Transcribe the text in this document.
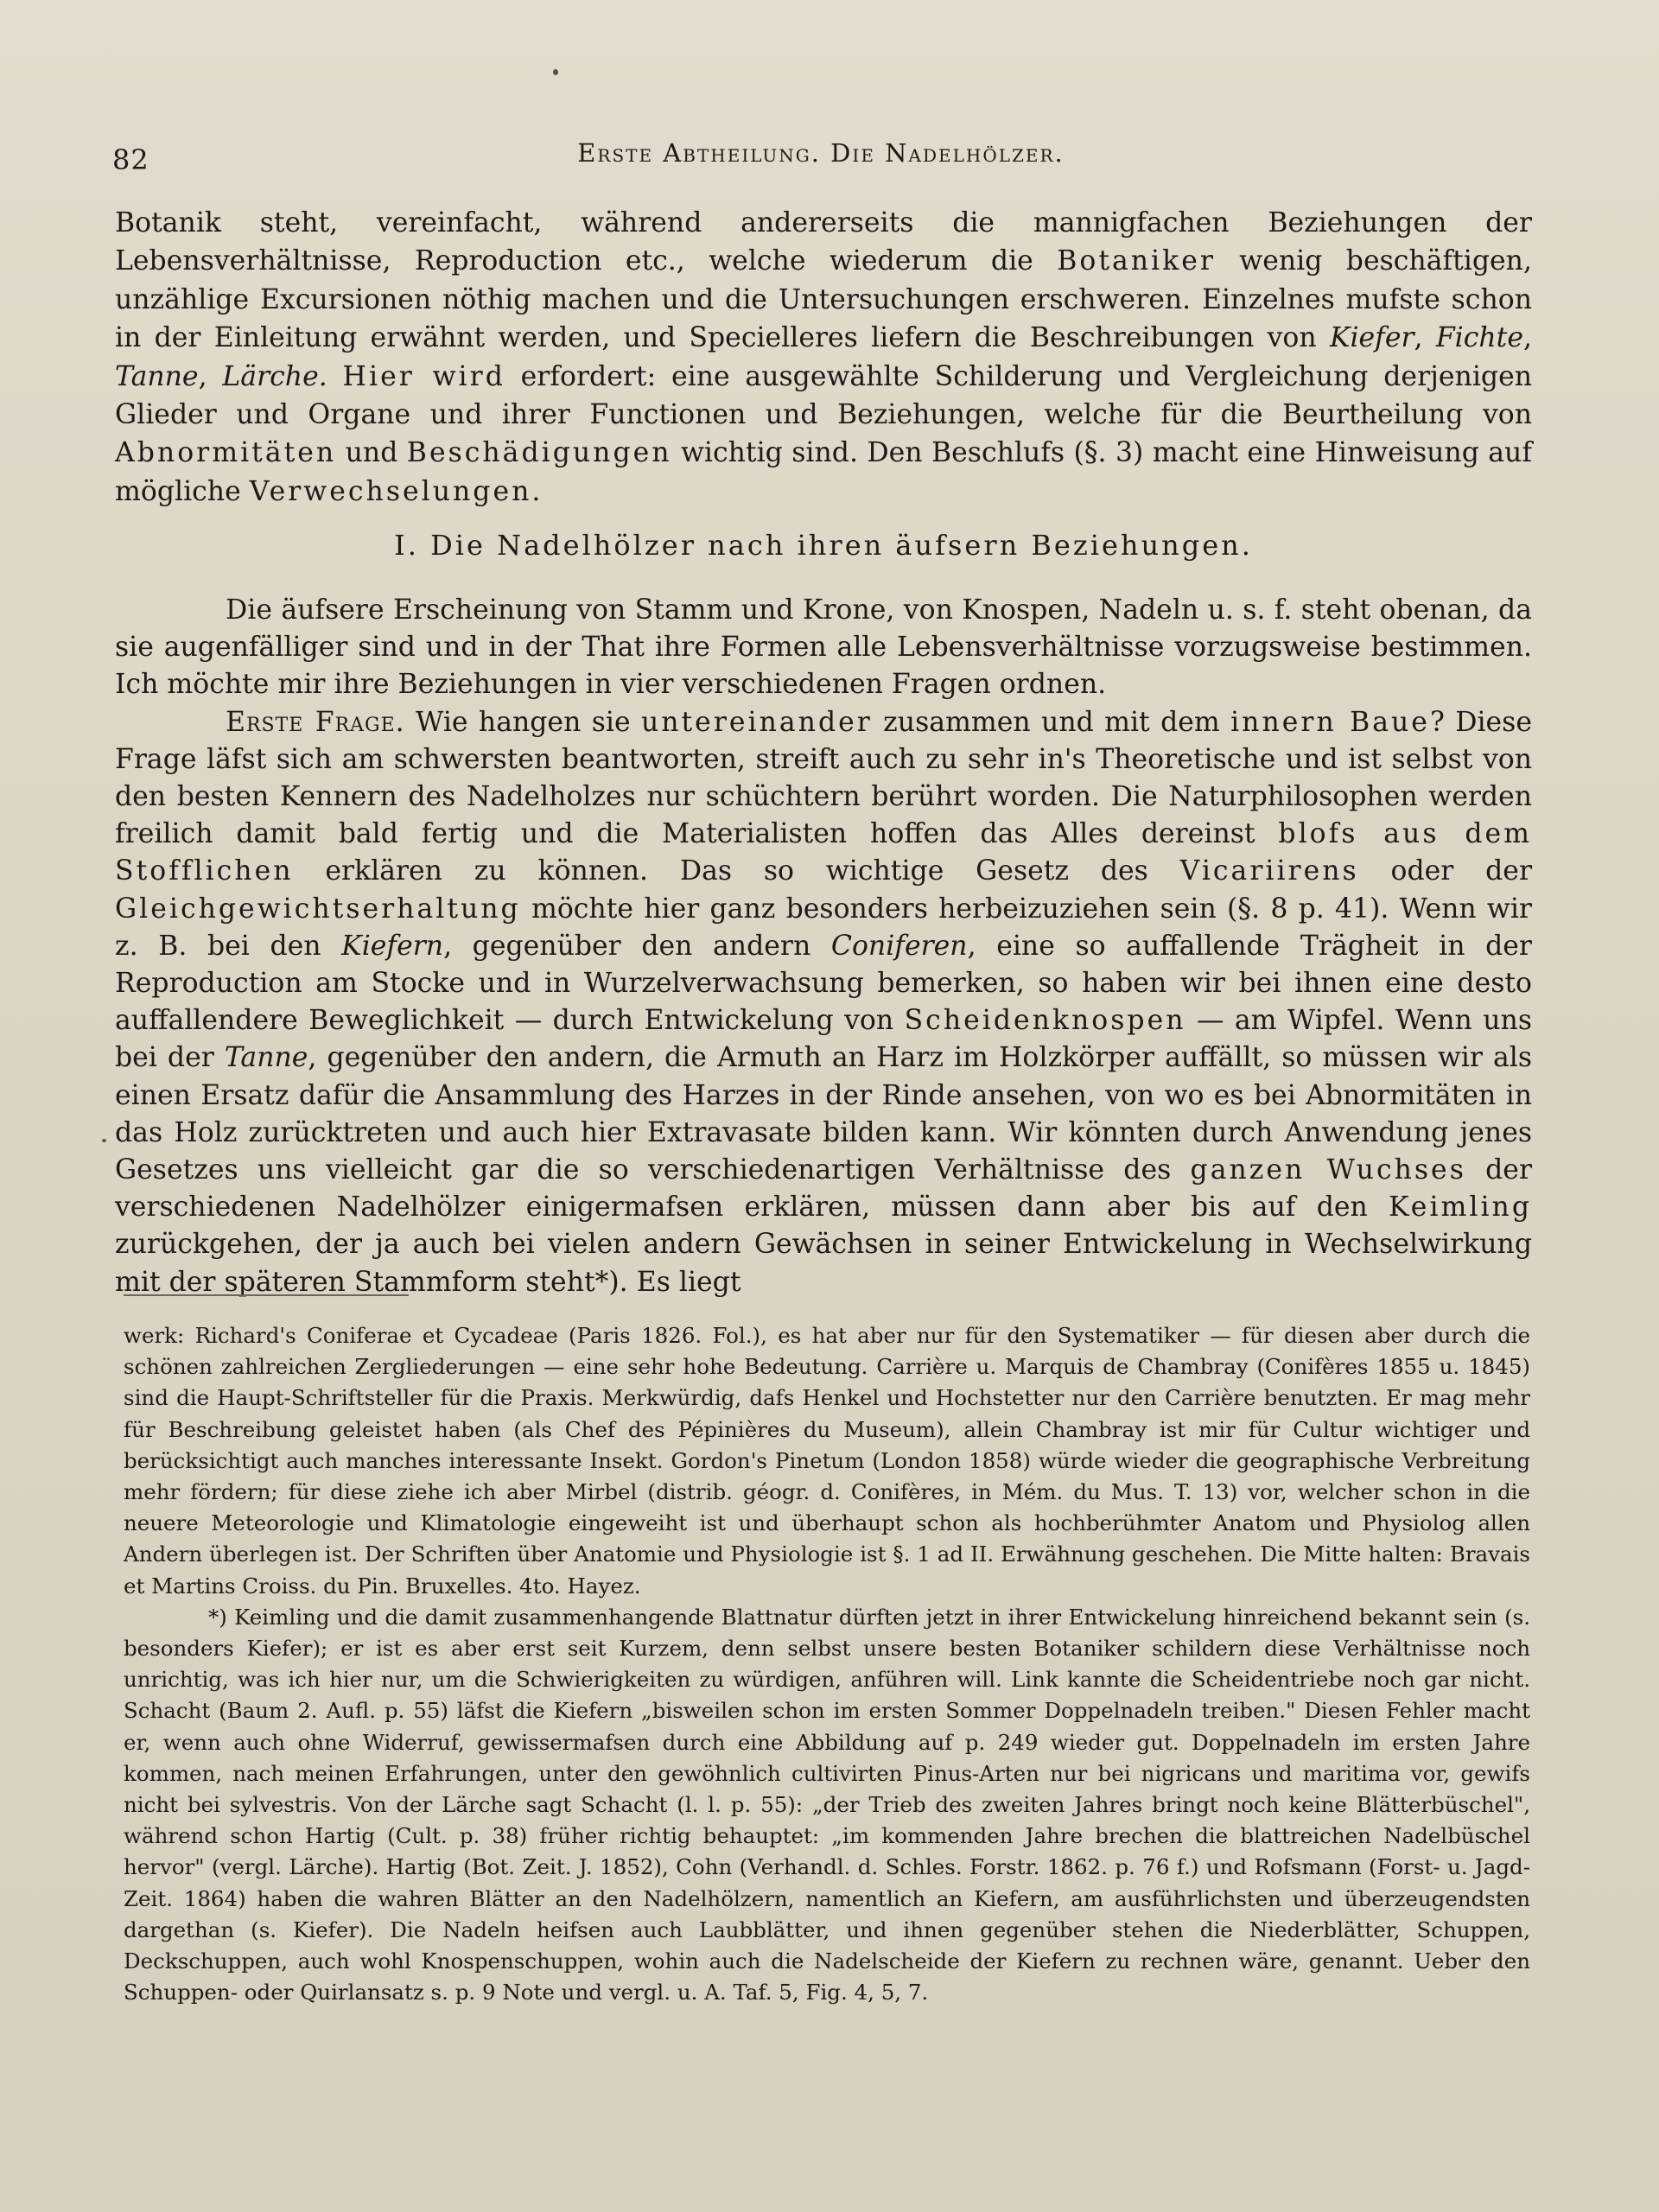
82	Erste Abtheilung. Die Nadelhölzer.

Botanik steht, vereinfacht, während andererseits die mannigfachen Beziehungen der Lebensverhältnisse, Reproduction etc., welche wiederum die Botaniker wenig beschäftigen, unzählige Excursionen nöthig machen und die Untersuchungen erschweren. Einzelnes mufste schon in der Einleitung erwähnt werden, und Specielleres liefern die Beschreibungen von Kiefer, Fichte, Tanne, Lärche. Hier wird erfordert: eine ausgewählte Schilderung und Vergleichung derjenigen Glieder und Organe und ihrer Functionen und Beziehungen, welche für die Beurtheilung von Abnormitäten und Beschädigungen wichtig sind. Den Beschlufs (§. 3) macht eine Hinweisung auf mögliche Verwechselungen.

I. Die Nadelhölzer nach ihren äufsern Beziehungen.

Die äufsere Erscheinung von Stamm und Krone, von Knospen, Nadeln u. s. f. steht obenan, da sie augenfälliger sind und in der That ihre Formen alle Lebensverhältnisse vorzugsweise bestimmen. Ich möchte mir ihre Beziehungen in vier verschiedenen Fragen ordnen.

Erste Frage. Wie hangen sie untereinander zusammen und mit dem innern Baue? Diese Frage läfst sich am schwersten beantworten, streift auch zu sehr in's Theoretische und ist selbst von den besten Kennern des Nadelholzes nur schüchtern berührt worden. Die Naturphilosophen werden freilich damit bald fertig und die Materialisten hoffen das Alles dereinst blofs aus dem Stofflichen erklären zu können. Das so wichtige Gesetz des Vicariirens oder der Gleichgewichtserhaltung möchte hier ganz besonders herbeizuziehen sein (§. 8 p. 41). Wenn wir z. B. bei den Kiefern, gegenüber den andern Coniferen, eine so auffallende Trägheit in der Reproduction am Stocke und in Wurzelverwachsung bemerken, so haben wir bei ihnen eine desto auffallendere Beweglichkeit — durch Entwickelung von Scheidenknospen — am Wipfel. Wenn uns bei der Tanne, gegenüber den andern, die Armuth an Harz im Holzkörper auffällt, so müssen wir als einen Ersatz dafür die Ansammlung des Harzes in der Rinde ansehen, von wo es bei Abnormitäten in das Holz zurücktreten und auch hier Extravasate bilden kann. Wir könnten durch Anwendung jenes Gesetzes uns vielleicht gar die so verschiedenartigen Verhältnisse des ganzen Wuchses der verschiedenen Nadelhölzer einigermafsen erklären, müssen dann aber bis auf den Keimling zurückgehen, der ja auch bei vielen andern Gewächsen in seiner Entwickelung in Wechselwirkung mit der späteren Stammform steht*). Es liegt

werk: Richard's Coniferae et Cycadeae (Paris 1826. Fol.), es hat aber nur für den Systematiker — für diesen aber durch die schönen zahlreichen Zergliederungen — eine sehr hohe Bedeutung. Carrière u. Marquis de Chambray (Conifères 1855 u. 1845) sind die Haupt-Schriftsteller für die Praxis. Merkwürdig, dafs Henkel und Hochstetter nur den Carrière benutzten. Er mag mehr für Beschreibung geleistet haben (als Chef des Pépinières du Museum), allein Chambray ist mir für Cultur wichtiger und berücksichtigt auch manches interessante Insekt. Gordon's Pinetum (London 1858) würde wieder die geographische Verbreitung mehr fördern; für diese ziehe ich aber Mirbel (distrib. géogr. d. Conifères, in Mém. du Mus. T. 13) vor, welcher schon in die neuere Meteorologie und Klimatologie eingeweiht ist und überhaupt schon als hochberühmter Anatom und Physiolog allen Andern überlegen ist. Der Schriften über Anatomie und Physiologie ist §. 1 ad II. Erwähnung geschehen. Die Mitte halten: Bravais et Martins Croiss. du Pin. Bruxelles. 4to. Hayez.

*) Keimling und die damit zusammenhangende Blattnatur dürften jetzt in ihrer Entwickelung hinreichend bekannt sein (s. besonders Kiefer); er ist es aber erst seit Kurzem, denn selbst unsere besten Botaniker schildern diese Verhältnisse noch unrichtig, was ich hier nur, um die Schwierigkeiten zu würdigen, anführen will. Link kannte die Scheidentriebe noch gar nicht. Schacht (Baum 2. Aufl. p. 55) läfst die Kiefern „bisweilen schon im ersten Sommer Doppelnadeln treiben." Diesen Fehler macht er, wenn auch ohne Widerruf, gewissermafsen durch eine Abbildung auf p. 249 wieder gut. Doppelnadeln im ersten Jahre kommen, nach meinen Erfahrungen, unter den gewöhnlich cultivirten Pinus-Arten nur bei nigricans und maritima vor, gewifs nicht bei sylvestris. Von der Lärche sagt Schacht (l. l. p. 55): „der Trieb des zweiten Jahres bringt noch keine Blätterbüschel", während schon Hartig (Cult. p. 38) früher richtig behauptet: „im kommenden Jahre brechen die blattreichen Nadelbüschel hervor" (vergl. Lärche). Hartig (Bot. Zeit. J. 1852), Cohn (Verhandl. d. Schles. Forstr. 1862. p. 76 f.) und Rofsmann (Forst- u. Jagd-Zeit. 1864) haben die wahren Blätter an den Nadelhölzern, namentlich an Kiefern, am ausführlichsten und überzeugendsten dargethan (s. Kiefer). Die Nadeln heifsen auch Laubblätter, und ihnen gegenüber stehen die Niederblätter, Schuppen, Deckschuppen, auch wohl Knospenschuppen, wohin auch die Nadelscheide der Kiefern zu rechnen wäre, genannt. Ueber den Schuppen- oder Quirlansatz s. p. 9 Note und vergl. u. A. Taf. 5, Fig. 4, 5, 7.
